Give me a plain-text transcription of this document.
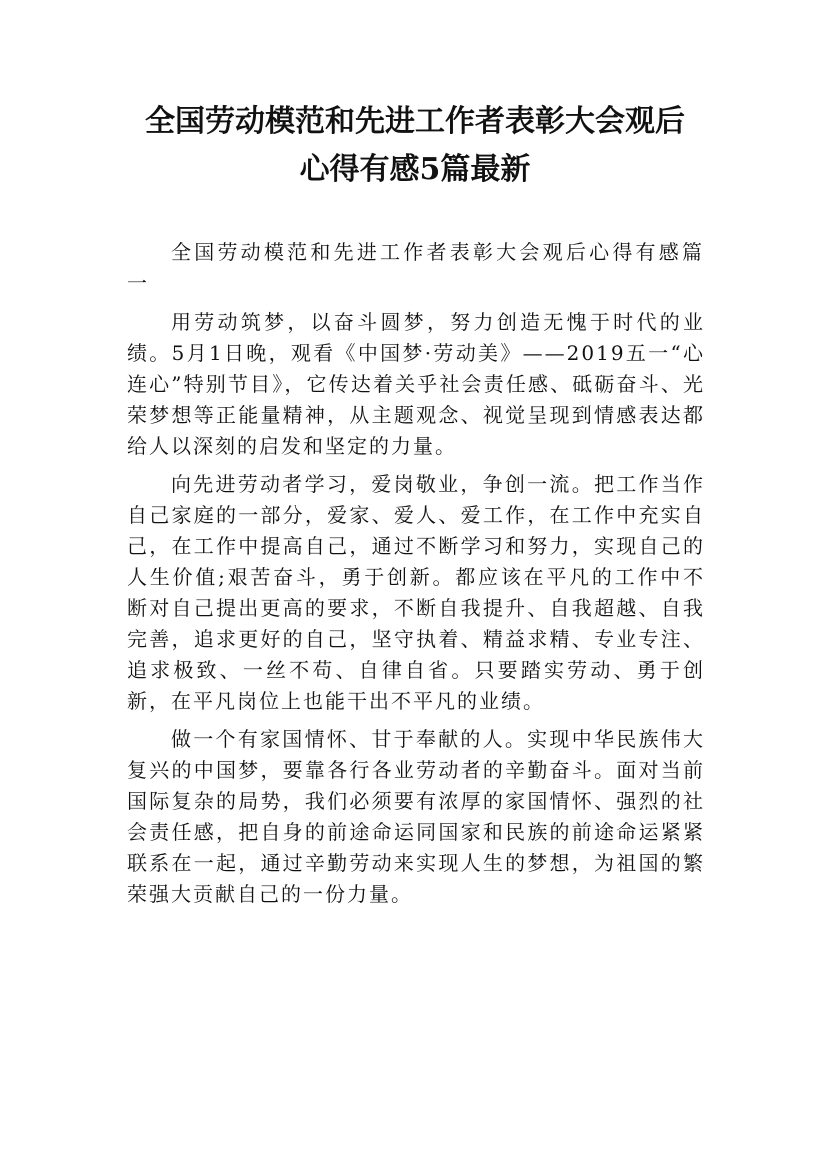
全国劳动模范和先进工作者表彰大会观后
心得有感5篇最新

全国劳动模范和先进工作者表彰大会观后心得有感篇一

用劳动筑梦，以奋斗圆梦，努力创造无愧于时代的业绩。5月1日晚，观看《中国梦·劳动美》——2019五一“心连心”特别节目》，它传达着关乎社会责任感、砥砺奋斗、光荣梦想等正能量精神，从主题观念、视觉呈现到情感表达都给人以深刻的启发和坚定的力量。

向先进劳动者学习，爱岗敬业，争创一流。把工作当作自己家庭的一部分，爱家、爱人、爱工作，在工作中充实自己，在工作中提高自己，通过不断学习和努力，实现自己的人生价值;艰苦奋斗，勇于创新。都应该在平凡的工作中不断对自己提出更高的要求，不断自我提升、自我超越、自我完善，追求更好的自己，坚守执着、精益求精、专业专注、追求极致、一丝不苟、自律自省。只要踏实劳动、勇于创新，在平凡岗位上也能干出不平凡的业绩。

做一个有家国情怀、甘于奉献的人。实现中华民族伟大复兴的中国梦，要靠各行各业劳动者的辛勤奋斗。面对当前国际复杂的局势，我们必须要有浓厚的家国情怀、强烈的社会责任感，把自身的前途命运同国家和民族的前途命运紧紧联系在一起，通过辛勤劳动来实现人生的梦想，为祖国的繁荣强大贡献自己的一份力量。
